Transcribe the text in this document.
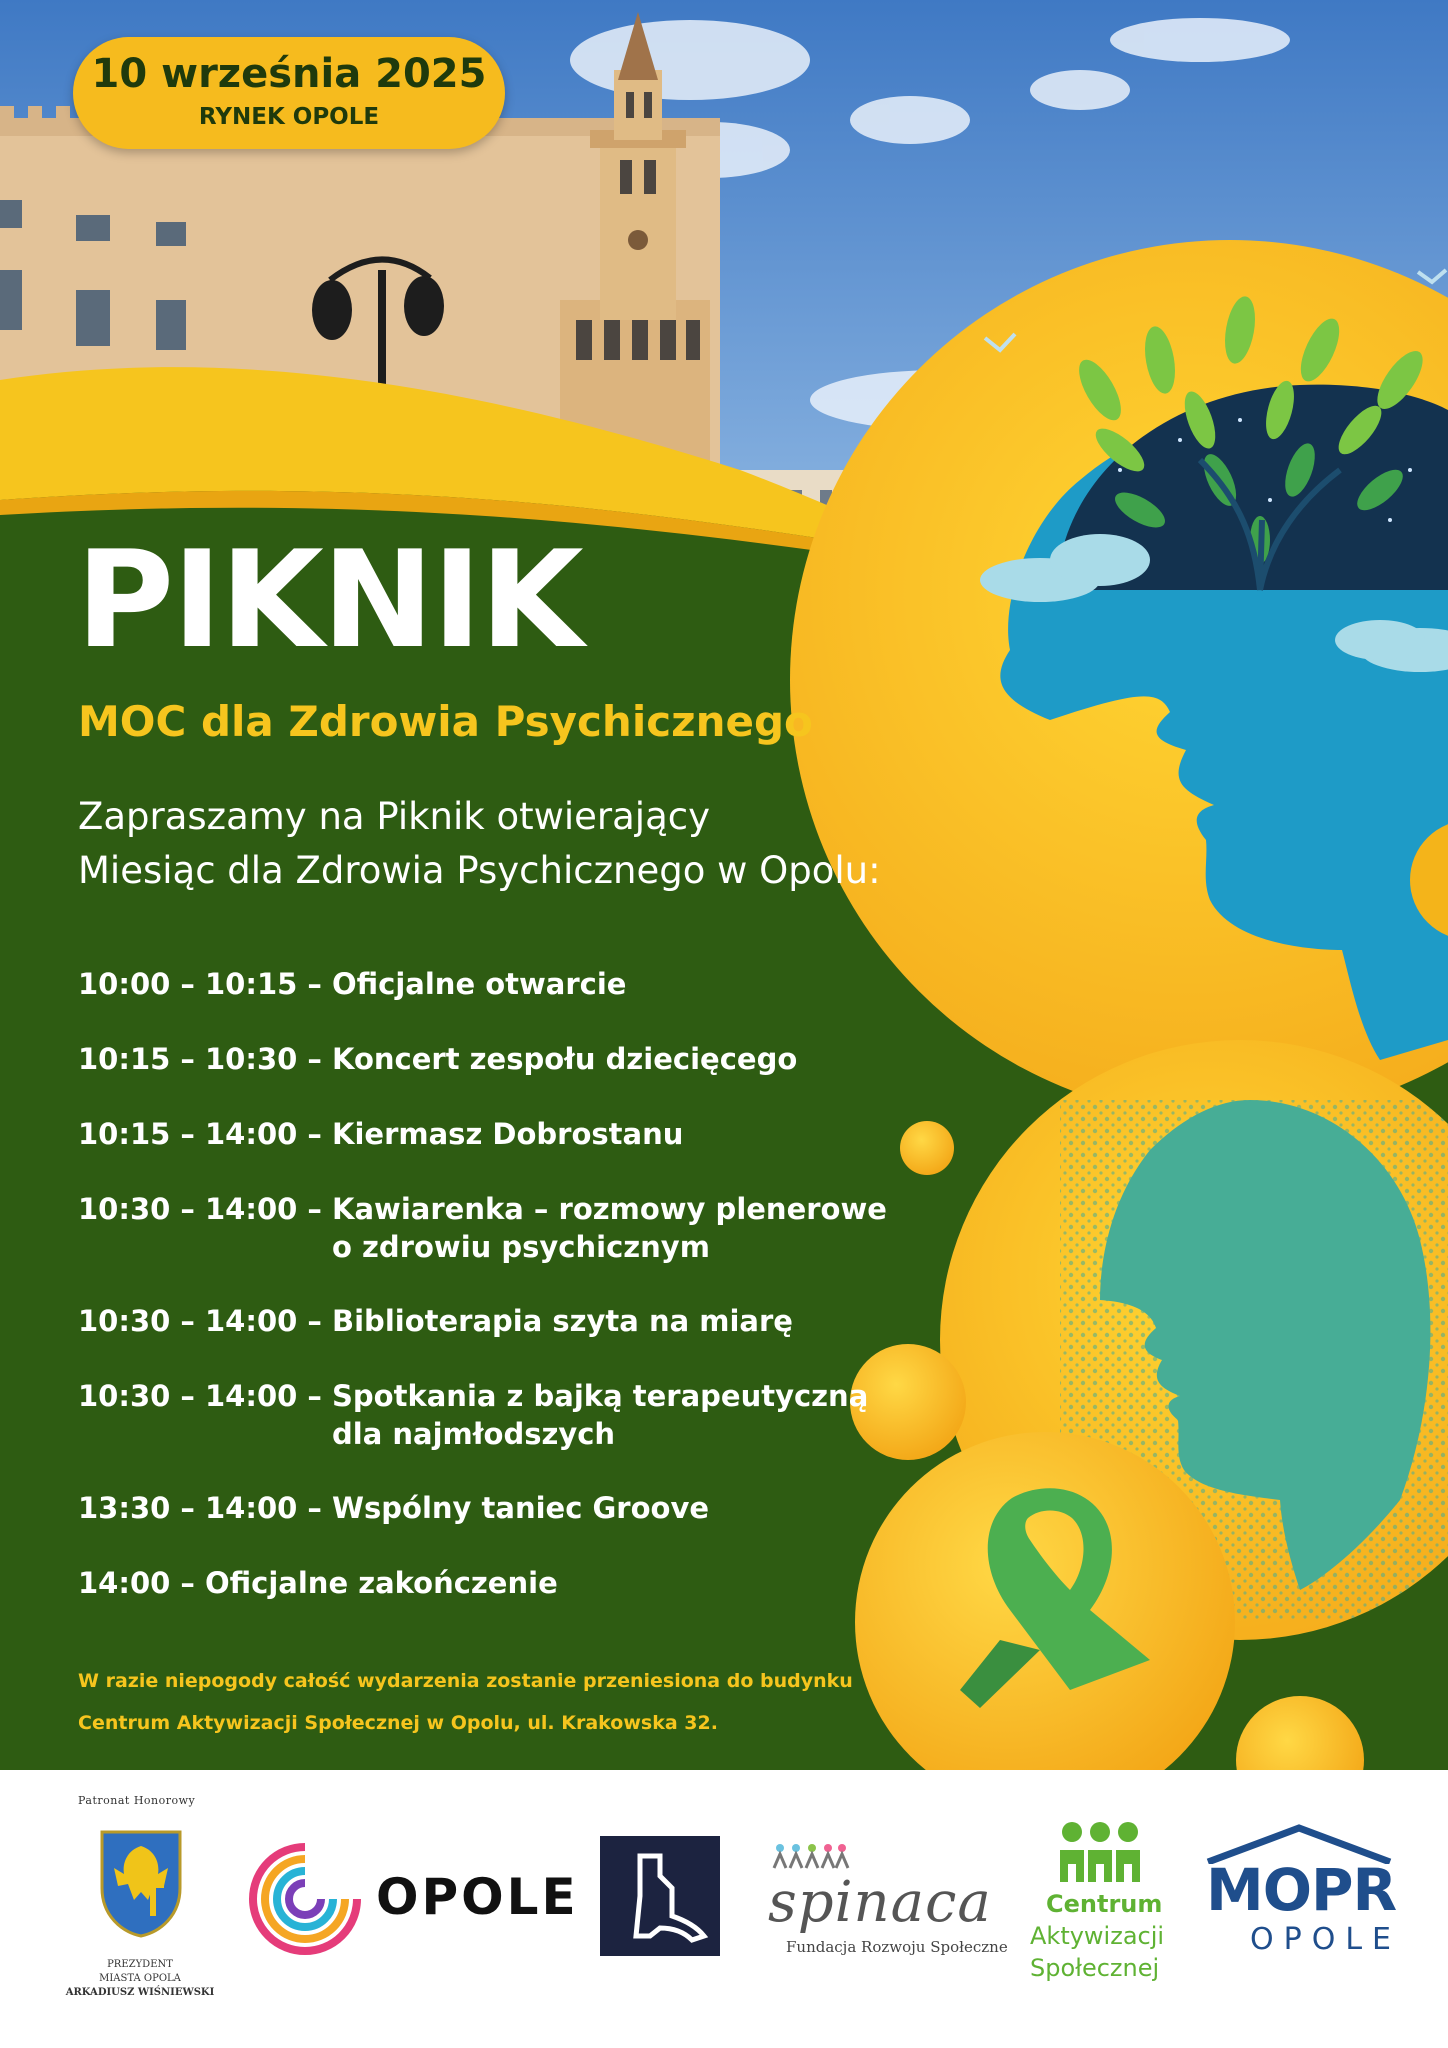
10 września 2025
RYNEK OPOLE
PIKNIK
MOC dla Zdrowia Psychicznego
Zapraszamy na Piknik otwierający
Miesiąc dla Zdrowia Psychicznego w Opolu:
10:00 – 10:15 – Oficjalne otwarcie
10:15 – 10:30 – Koncert zespołu dziecięcego
10:15 – 14:00 – Kiermasz Dobrostanu
10:30 – 14:00 – Kawiarenka – rozmowy plenerowe
o zdrowiu psychicznym
10:30 – 14:00 – Biblioterapia szyta na miarę
10:30 – 14:00 – Spotkania z bajką terapeutyczną
dla najmłodszych
13:30 – 14:00 – Wspólny taniec Groove
14:00 – Oficjalne zakończenie
W razie niepogody całość wydarzenia zostanie przeniesiona do budynku
Centrum Aktywizacji Społecznej w Opolu, ul. Krakowska 32.
Patronat Honorowy
PREZYDENT
MIASTA OPOLA
ARKADIUSZ WIŚNIEWSKI
OPOLE	spinaca
Fundacja Rozwoju Społeczne
Centrum
Aktywizacji
Społecznej
MOPR
OPOLE
